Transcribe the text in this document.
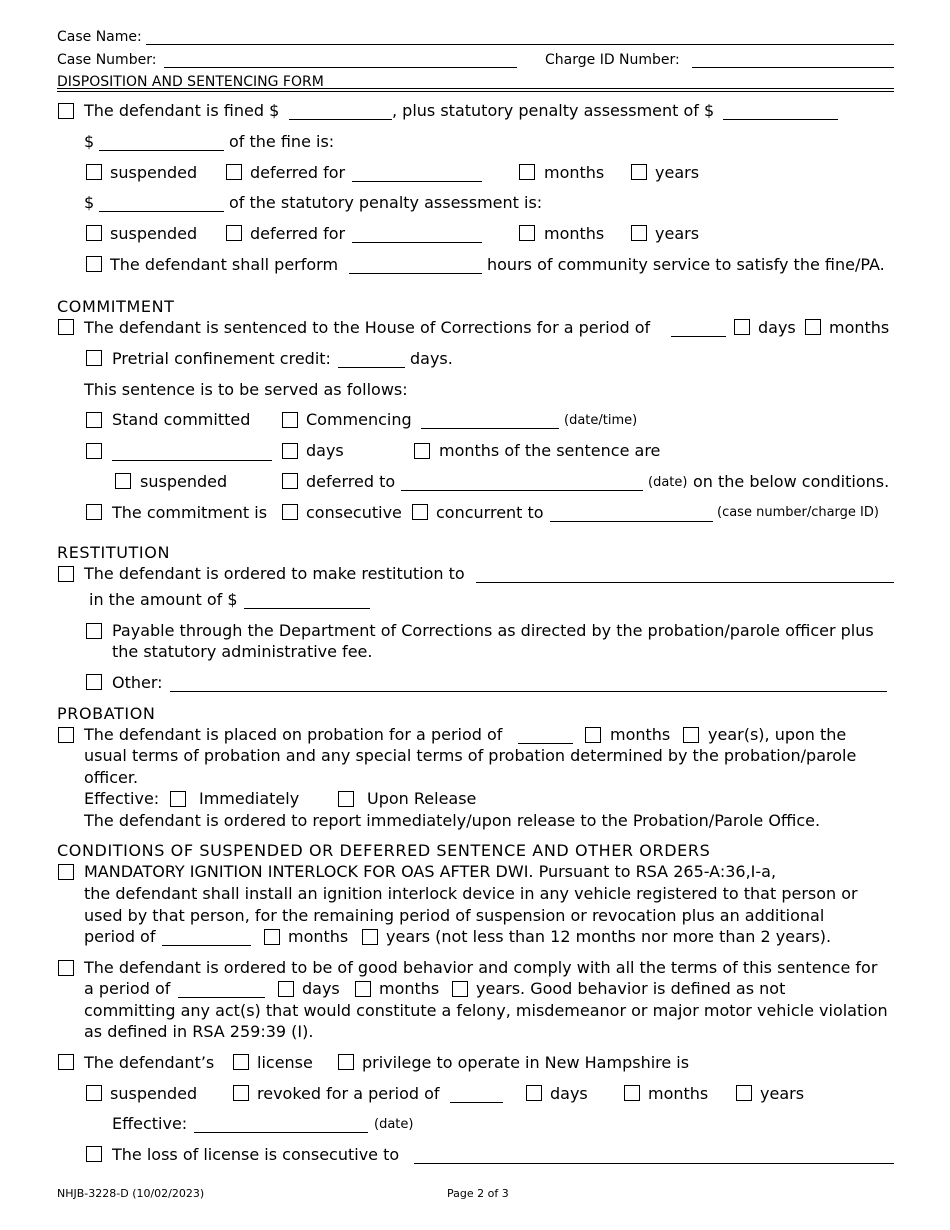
Case Name:
Case Number:	Charge ID Number:
DISPOSITION AND SENTENCING FORM
The defendant is fined $	, plus statutory penalty assessment of $
$	of the fine is:
suspended	deferred for	months	years
$	of the statutory penalty assessment is:
suspended	deferred for	months	years
The defendant shall perform	hours of community service to satisfy the fine/PA.
COMMITMENT
The defendant is sentenced to the House of Corrections for a period of	days months
Pretrial confinement credit:	days.
This sentence is to be served as follows:
Stand committed	Commencing	(date/time)
days	months of the sentence are
suspended	deferred to	(date) on the below conditions.
The commitment is consecutive concurrent to	(case number/charge ID)
RESTITUTION
The defendant is ordered to make restitution to
in the amount of $
Payable through the Department of Corrections as directed by the probation/parole officer plus
the statutory administrative fee.
Other:
PROBATION
The defendant is placed on probation for a period of	months year(s), upon the
usual terms of probation and any special terms of probation determined by the probation/parole
officer.
Effective: Immediately	Upon Release
The defendant is ordered to report immediately/upon release to the Probation/Parole Office.
CONDITIONS OF SUSPENDED OR DEFERRED SENTENCE AND OTHER ORDERS
MANDATORY IGNITION INTERLOCK FOR OAS AFTER DWI. Pursuant to RSA 265-A:36,I-a,
the defendant shall install an ignition interlock device in any vehicle registered to that person or
used by that person, for the remaining period of suspension or revocation plus an additional
period of	months years (not less than 12 months nor more than 2 years).
The defendant is ordered to be of good behavior and comply with all the terms of this sentence for
a period of	days months years. Good behavior is defined as not
committing any act(s) that would constitute a felony, misdemeanor or major motor vehicle violation
as defined in RSA 259:39 (I).
The defendant’s	license	privilege to operate in New Hampshire is
suspended	revoked for a period of	days	months	years
Effective:	(date)
The loss of license is consecutive to
NHJB-3228-D (10/02/2023)	Page 2 of 3
